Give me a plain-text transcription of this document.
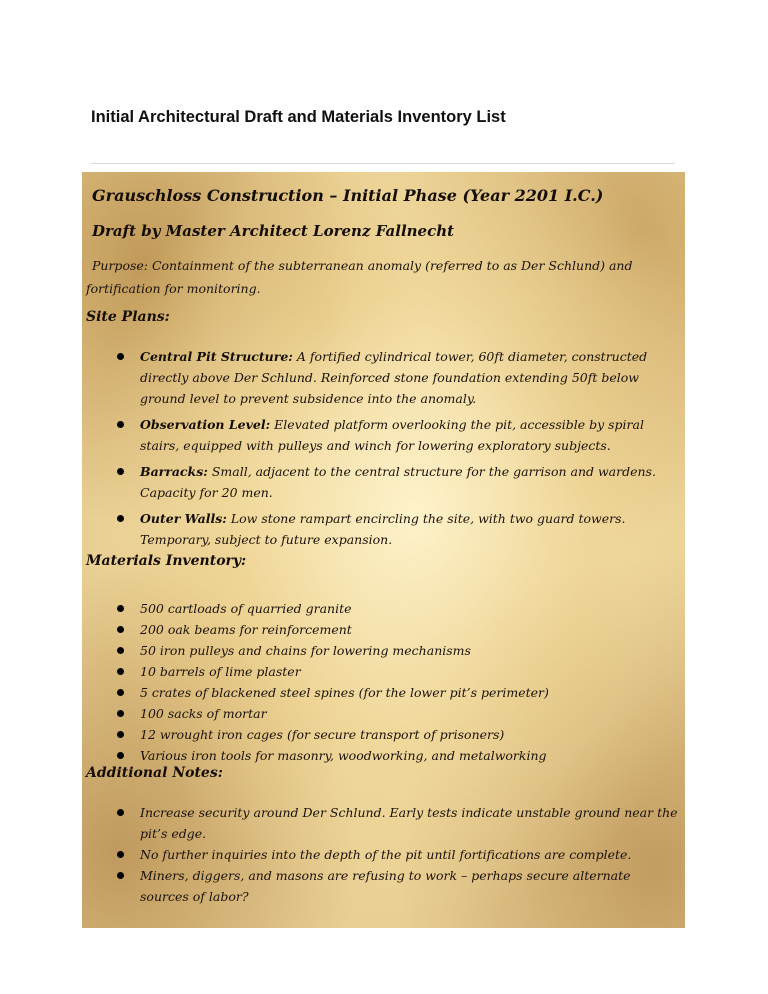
Initial Architectural Draft and Materials Inventory List

Grauschloss Construction – Initial Phase (Year 2201 I.C.)

Draft by Master Architect Lorenz Fallnecht

Purpose: Containment of the subterranean anomaly (referred to as Der Schlund) and fortification for monitoring.

Site Plans:

Central Pit Structure: A fortified cylindrical tower, 60ft diameter, constructed directly above Der Schlund. Reinforced stone foundation extending 50ft below ground level to prevent subsidence into the anomaly.
Observation Level: Elevated platform overlooking the pit, accessible by spiral stairs, equipped with pulleys and winch for lowering exploratory subjects.
Barracks: Small, adjacent to the central structure for the garrison and wardens. Capacity for 20 men.
Outer Walls: Low stone rampart encircling the site, with two guard towers. Temporary, subject to future expansion.

Materials Inventory:

500 cartloads of quarried granite
200 oak beams for reinforcement
50 iron pulleys and chains for lowering mechanisms
10 barrels of lime plaster
5 crates of blackened steel spines (for the lower pit’s perimeter)
100 sacks of mortar
12 wrought iron cages (for secure transport of prisoners)
Various iron tools for masonry, woodworking, and metalworking

Additional Notes:

Increase security around Der Schlund. Early tests indicate unstable ground near the pit’s edge.
No further inquiries into the depth of the pit until fortifications are complete.
Miners, diggers, and masons are refusing to work – perhaps secure alternate sources of labor?
